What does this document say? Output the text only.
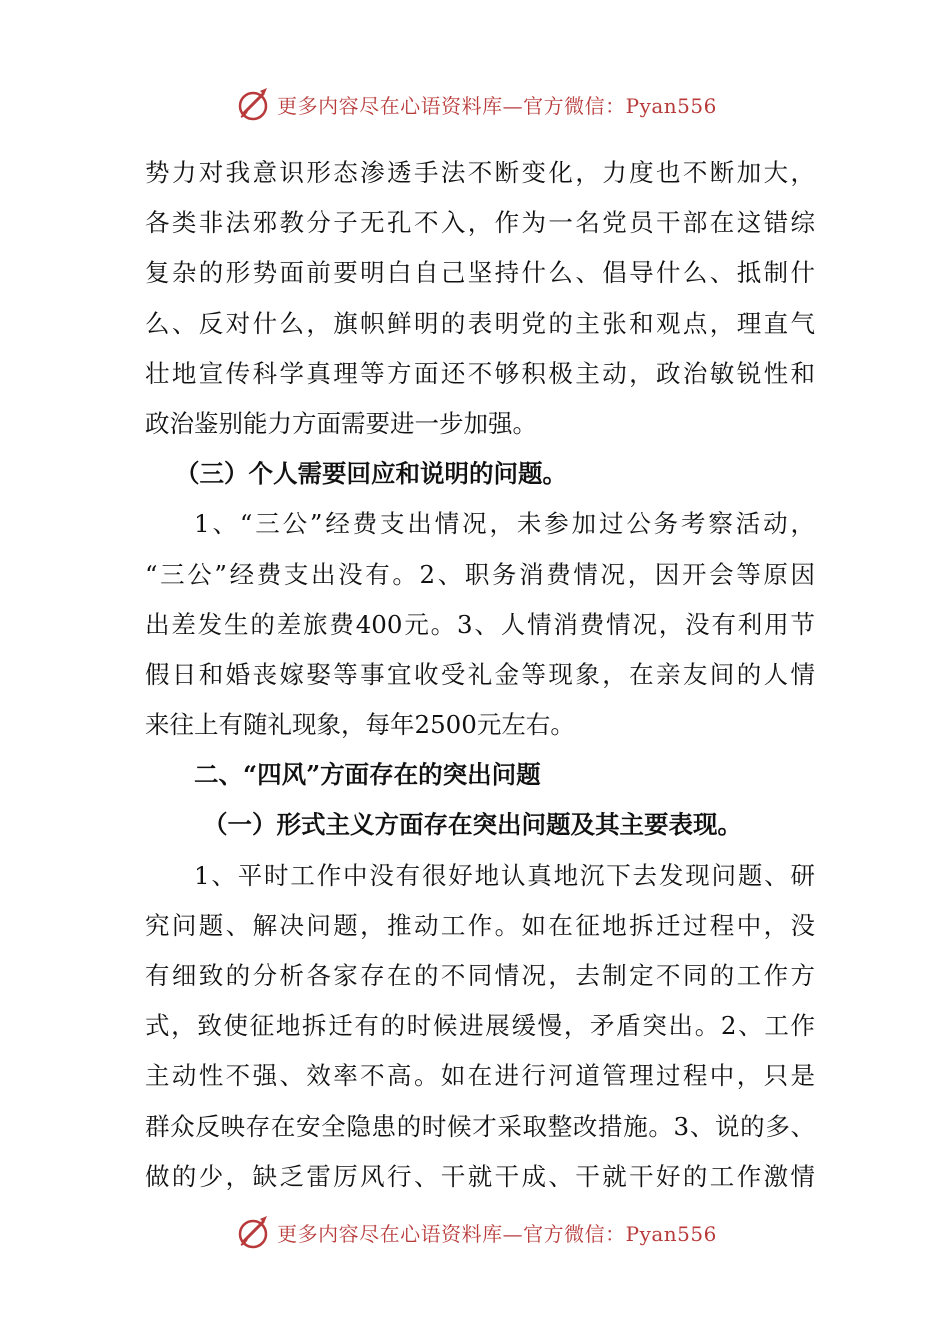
更多内容尽在心语资料库—官方微信：Pyan556
势力对我意识形态渗透手法不断变化，力度也不断加大，
各类非法邪教分子无孔不入，作为一名党员干部在这错综
复杂的形势面前要明白自己坚持什么、倡导什么、抵制什
么、反对什么，旗帜鲜明的表明党的主张和观点，理直气
壮地宣传科学真理等方面还不够积极主动，政治敏锐性和
政治鉴别能力方面需要进一步加强。
（三）个人需要回应和说明的问题。
1、“三公”经费支出情况，未参加过公务考察活动，
“三公”经费支出没有。2、职务消费情况，因开会等原因
出差发生的差旅费400元。3、人情消费情况，没有利用节
假日和婚丧嫁娶等事宜收受礼金等现象，在亲友间的人情
来往上有随礼现象，每年2500元左右。
二、“四风”方面存在的突出问题
（一）形式主义方面存在突出问题及其主要表现。
1、平时工作中没有很好地认真地沉下去发现问题、研
究问题、解决问题，推动工作。如在征地拆迁过程中，没
有细致的分析各家存在的不同情况，去制定不同的工作方
式，致使征地拆迁有的时候进展缓慢，矛盾突出。2、工作
主动性不强、效率不高。如在进行河道管理过程中，只是
群众反映存在安全隐患的时候才采取整改措施。3、说的多、
做的少，缺乏雷厉风行、干就干成、干就干好的工作激情
更多内容尽在心语资料库—官方微信：Pyan556
